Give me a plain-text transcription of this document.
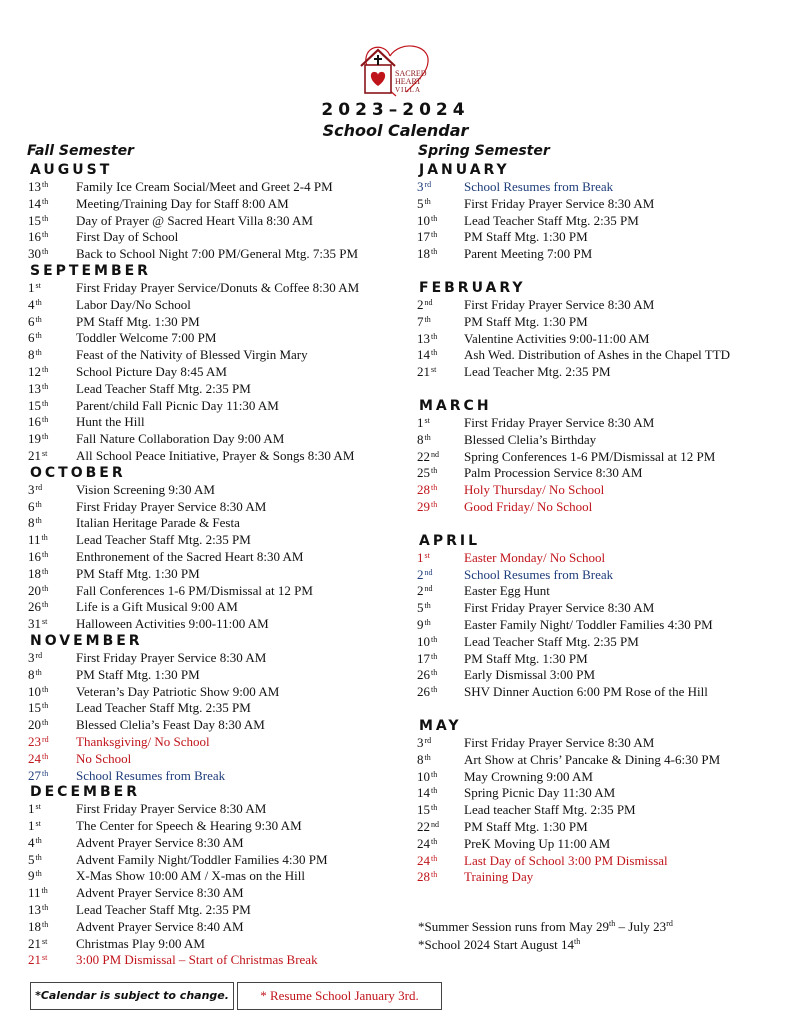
SACRED
HEART
VILLA
2023–2024
School Calendar
Fall Semester	Spring Semester
AUGUST
13th Family Ice Cream Social/Meet and Greet 2-4 PM
14th Meeting/Training Day for Staff 8:00 AM
15th Day of Prayer @ Sacred Heart Villa 8:30 AM
16th First Day of School
30th Back to School Night 7:00 PM/General Mtg. 7:35 PM
SEPTEMBER
1st	First Friday Prayer Service/Donuts & Coffee 8:30 AM
4th	Labor Day/No School
6th	PM Staff Mtg. 1:30 PM
6th	Toddler Welcome 7:00 PM
8th	Feast of the Nativity of Blessed Virgin Mary
12th School Picture Day 8:45 AM
13th Lead Teacher Staff Mtg. 2:35 PM
15th Parent/child Fall Picnic Day 11:30 AM
16th Hunt the Hill
19th Fall Nature Collaboration Day 9:00 AM
21st All School Peace Initiative, Prayer & Songs 8:30 AM
OCTOBER
3rd	Vision Screening 9:30 AM
6th	First Friday Prayer Service 8:30 AM
8th	Italian Heritage Parade & Festa
11th Lead Teacher Staff Mtg. 2:35 PM
16th Enthronement of the Sacred Heart 8:30 AM
18th PM Staff Mtg. 1:30 PM
20th Fall Conferences 1-6 PM/Dismissal at 12 PM
26th Life is a Gift Musical 9:00 AM
31st Halloween Activities 9:00-11:00 AM
NOVEMBER
3rd	First Friday Prayer Service 8:30 AM
8th	PM Staff Mtg. 1:30 PM
10th Veteran’s Day Patriotic Show 9:00 AM
15th Lead Teacher Staff Mtg. 2:35 PM
20th Blessed Clelia’s Feast Day 8:30 AM
23rd Thanksgiving/ No School
24th No School
27th School Resumes from Break
DECEMBER
1st	First Friday Prayer Service 8:30 AM
1st	The Center for Speech & Hearing 9:30 AM
4th	Advent Prayer Service 8:30 AM
5th	Advent Family Night/Toddler Families 4:30 PM
9th	X-Mas Show 10:00 AM / X-mas on the Hill
11th Advent Prayer Service 8:30 AM
13th Lead Teacher Staff Mtg. 2:35 PM
18th Advent Prayer Service 8:40 AM
21st Christmas Play 9:00 AM
21st 3:00 PM Dismissal – Start of Christmas Break
JANUARY
3rd	School Resumes from Break
5th	First Friday Prayer Service 8:30 AM
10th Lead Teacher Staff Mtg. 2:35 PM
17th PM Staff Mtg. 1:30 PM
18th Parent Meeting 7:00 PM
FEBRUARY
2nd First Friday Prayer Service 8:30 AM
7th	PM Staff Mtg. 1:30 PM
13th Valentine Activities 9:00-11:00 AM
14th Ash Wed. Distribution of Ashes in the Chapel TTD
21st Lead Teacher Mtg. 2:35 PM
MARCH
1st	First Friday Prayer Service 8:30 AM
8th	Blessed Clelia’s Birthday
22nd Spring Conferences 1-6 PM/Dismissal at 12 PM
25th Palm Procession Service 8:30 AM
28th Holy Thursday/ No School
29th Good Friday/ No School
APRIL
1st	Easter Monday/ No School
2nd School Resumes from Break
2nd Easter Egg Hunt
5th	First Friday Prayer Service 8:30 AM
9th	Easter Family Night/ Toddler Families 4:30 PM
10th Lead Teacher Staff Mtg. 2:35 PM
17th PM Staff Mtg. 1:30 PM
26th Early Dismissal 3:00 PM
26th SHV Dinner Auction 6:00 PM Rose of the Hill
MAY
3rd	First Friday Prayer Service 8:30 AM
8th	Art Show at Chris’ Pancake & Dining 4-6:30 PM
10th May Crowning 9:00 AM
14th Spring Picnic Day 11:30 AM
15th Lead teacher Staff Mtg. 2:35 PM
22nd PM Staff Mtg. 1:30 PM
24th PreK Moving Up 11:00 AM
24th Last Day of School 3:00 PM Dismissal
28th Training Day
*Summer Session runs from May 29th – July 23rd
*School 2024 Start August 14th
*Calendar is subject to change.	* Resume School January 3rd.
